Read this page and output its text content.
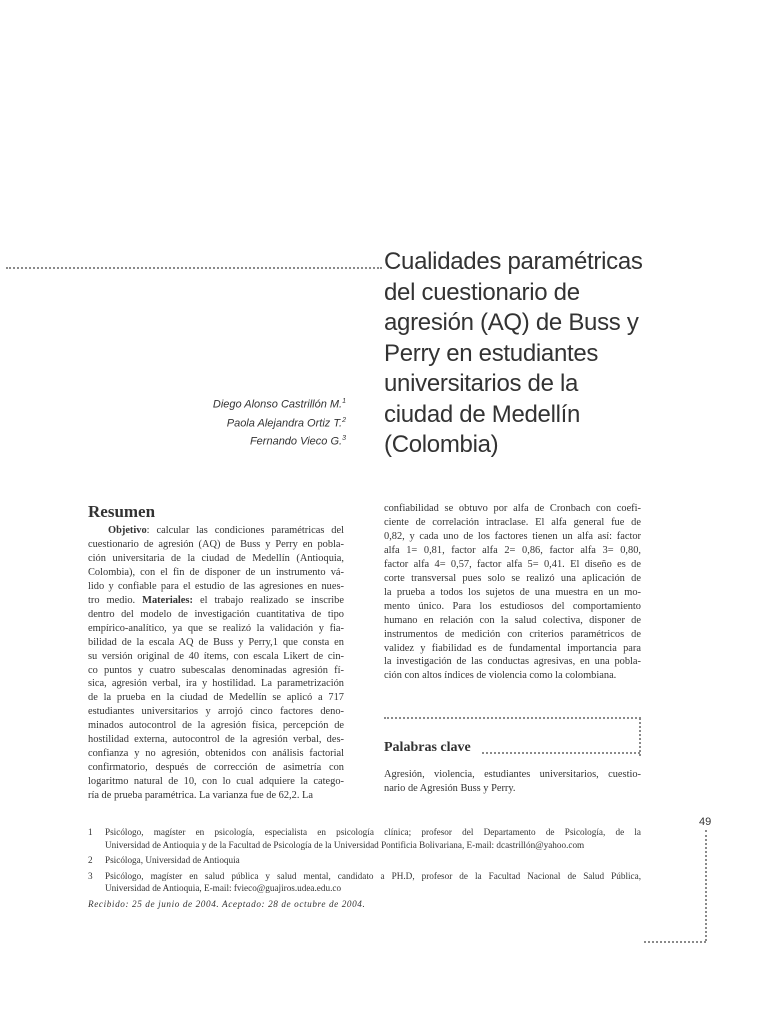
Cualidades paramétricas
del cuestionario de
agresión (AQ) de Buss y
Perry en estudiantes
universitarios de la
ciudad de Medellín
(Colombia)
Diego Alonso Castrillón M.$^1$
Paola Alejandra Ortiz T.$^2$
Fernando Vieco G.$^3$
Resumen
Objetivo: calcular las condiciones paramétricas del
cuestionario de agresión (AQ) de Buss y Perry en pobla-
ción universitaria de la ciudad de Medellín (Antioquia,
Colombia), con el fin de disponer de un instrumento vá-
lido y confiable para el estudio de las agresiones en nues-
tro medio. Materiales: el trabajo realizado se inscribe
dentro del modelo de investigación cuantitativa de tipo
empírico-analítico, ya que se realizó la validación y fia-
bilidad de la escala AQ de Buss y Perry,1 que consta en
su versión original de 40 ítems, con escala Likert de cin-
co puntos y cuatro subescalas denominadas agresión fí-
sica, agresión verbal, ira y hostilidad. La parametrización
de la prueba en la ciudad de Medellín se aplicó a 717
estudiantes universitarios y arrojó cinco factores deno-
minados autocontrol de la agresión física, percepción de
hostilidad externa, autocontrol de la agresión verbal, des-
confianza y no agresión, obtenidos con análisis factorial
confirmatorio, después de corrección de asimetría con
logaritmo natural de 10, con lo cual adquiere la catego-
ría de prueba paramétrica. La varianza fue de 62,2. La
confiabilidad se obtuvo por alfa de Cronbach con coefi-
ciente de correlación intraclase. El alfa general fue de
0,82, y cada uno de los factores tienen un alfa así: factor
alfa 1= 0,81, factor alfa 2= 0,86, factor alfa 3= 0,80,
factor alfa 4= 0,57, factor alfa 5= 0,41. El diseño es de
corte transversal pues solo se realizó una aplicación de
la prueba a todos los sujetos de una muestra en un mo-
mento único. Para los estudiosos del comportamiento
humano en relación con la salud colectiva, disponer de
instrumentos de medición con criterios paramétricos de
validez y fiabilidad es de fundamental importancia para
la investigación de las conductas agresivas, en una pobla-
ción con altos índices de violencia como la colombiana.
Palabras clave
Agresión, violencia, estudiantes universitarios, cuestio-
nario de Agresión Buss y Perry.
49
1	Psicólogo, magíster en psicología, especialista en psicología clínica; profesor del Departamento de Psicología, de la
Universidad de Antioquia y de la Facultad de Psicología de la Universidad Pontificia Bolivariana, E-mail: dcastrillón@yahoo.com
2	Psicóloga, Universidad de Antioquia
3	Psicólogo, magíster en salud pública y salud mental, candidato a PH.D, profesor de la Facultad Nacional de Salud Pública,
Universidad de Antioquia, E-mail: fvieco@guajiros.udea.edu.co
Recibido: 25 de junio de 2004. Aceptado: 28 de octubre de 2004.
